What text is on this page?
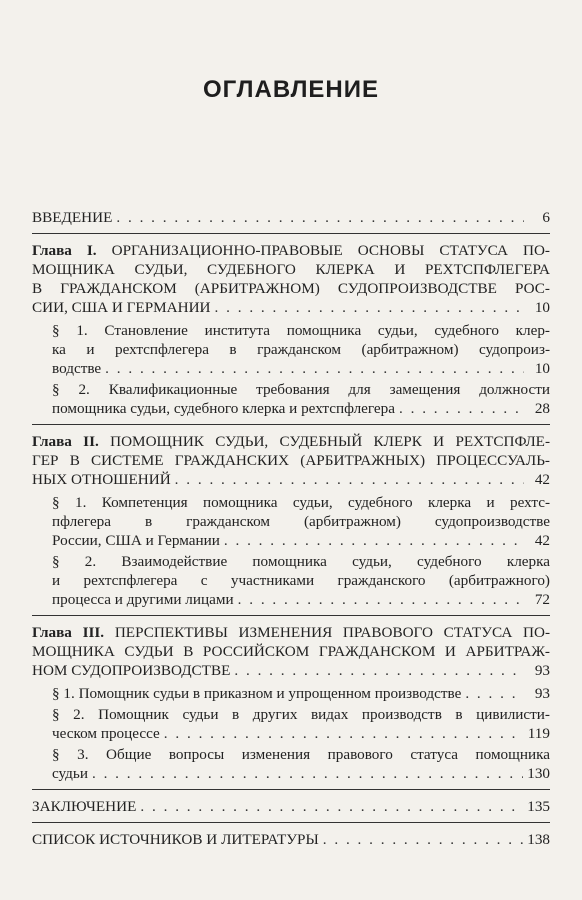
ОГЛАВЛЕНИЕ
ВВЕДЕНИЕ . . .	6
Глава I. ОРГАНИЗАЦИОННО-ПРАВОВЫЕ ОСНОВЫ СТАТУСА ПО-
МОЩНИКА СУДЬИ, СУДЕБНОГО КЛЕРКА И РЕХТСПФЛЕГЕРА
В ГРАЖДАНСКОМ (АРБИТРАЖНОМ) СУДОПРОИЗВОДСТВЕ РОС-
СИИ, США И ГЕРМАНИИ . . .	10
§ 1. Становление института помощника судьи, судебного клер-
ка и рехтспфлегера в гражданском (арбитражном) судопроиз-
водстве . . .	10
§ 2. Квалификационные требования для замещения должности
помощника судьи, судебного клерка и рехтспфлегера . . .	28
Глава II. ПОМОЩНИК СУДЬИ, СУДЕБНЫЙ КЛЕРК И РЕХТСПФЛЕ-
ГЕР В СИСТЕМЕ ГРАЖДАНСКИХ (АРБИТРАЖНЫХ) ПРОЦЕССУАЛЬ-
НЫХ ОТНОШЕНИЙ . . .	42
§ 1. Компетенция помощника судьи, судебного клерка и рехтс-
пфлегера в гражданском (арбитражном) судопроизводстве
России, США и Германии . . .	42
§ 2. Взаимодействие помощника судьи, судебного клерка
и рехтспфлегера с участниками гражданского (арбитражного)
процесса и другими лицами . . .	72
Глава III. ПЕРСПЕКТИВЫ ИЗМЕНЕНИЯ ПРАВОВОГО СТАТУСА ПО-
МОЩНИКА СУДЬИ В РОССИЙСКОМ ГРАЖДАНСКОМ И АРБИТРАЖ-
НОМ СУДОПРОИЗВОДСТВЕ . . .	93
§ 1. Помощник судьи в приказном и упрощенном производстве . . .	93
§ 2. Помощник судьи в других видах производств в цивилисти-
ческом процессе . . .	119
§ 3. Общие вопросы изменения правового статуса помощника
судьи . . .	130
ЗАКЛЮЧЕНИЕ . . .	135
СПИСОК ИСТОЧНИКОВ И ЛИТЕРАТУРЫ . . .	138
